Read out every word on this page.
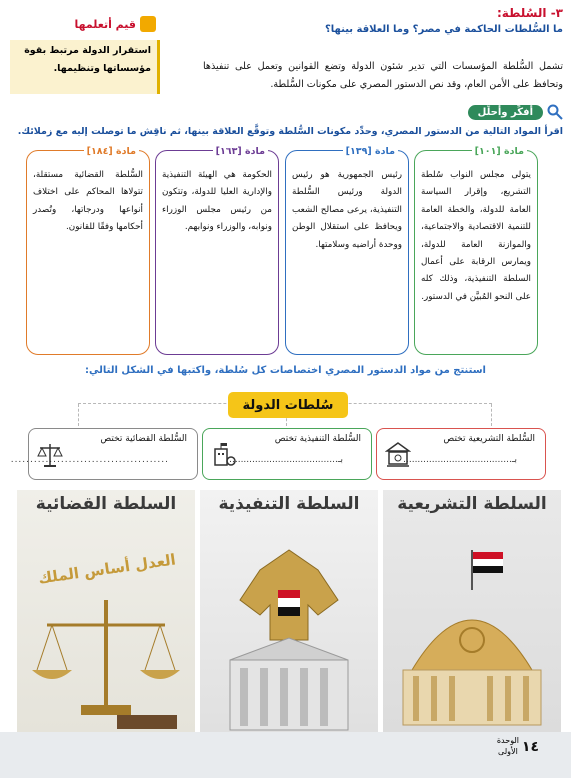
٣- السُلطة:
ما السُّلطات الحاكمة في مصر؟ وما العلاقة بينها؟
تشمل السُّلطة المؤسسات التي تدير شئون الدولة وتضع القوانين وتعمل على تنفيذها وتحافظ على الأمن العام، وقد نص الدستور المصري على مكونات السُّلطة.
قيم أتعلمها
استقرار الدولة مرتبط بقوة مؤسساتها وتنظيمها.
أفكِّر وأحلِّل
اقرأ المواد التالية من الدستور المصري، وحدِّد مكونات السُّلطة وتوقَّع العلاقة بينها، ثم ناقِش ما توصلت إليه مع زملائك.
مادة [١٠١]
يتولى مجلس النواب سُلطة التشريع، وإقرار السياسة العامة للدولة، والخطة العامة للتنمية الاقتصادية والاجتماعية، والموازنة العامة للدولة، ويمارس الرقابة على أعمال السلطة التنفيذية، وذلك كله على النحو المُبيَّن في الدستور.
مادة [١٣٩]
رئيس الجمهورية هو رئيس الدولة ورئيس السُّلطة التنفيذية، يرعى مصالح الشعب ويحافظ على استقلال الوطن ووحدة أراضيه وسلامتها.
مادة [١٦٣]
الحكومة هي الهيئة التنفيذية والإدارية العليا للدولة، وتتكون من رئيس مجلس الوزراء ونوابه، والوزراء ونوابهم.
مادة [١٨٤]
السُّلطة القضائية مستقلة، تتولاها المحاكم على اختلاف أنواعها ودرجاتها، وتُصدر أحكامها وفقًا للقانون.
استنتج من مواد الدستور المصري اختصاصات كل سُلطة، واكتبها في الشكل التالي:
سُلطات الدولة
السُّلطة التشريعية تختص
بـ......................................
السُّلطة التنفيذية تختص
بـ......................................
السُّلطة القضائية تختص
.........................................
السلطة التشريعية
السلطة التنفيذية
السلطة القضائية
العدل أساس الملك
١٤
الوحدة
الأولى
